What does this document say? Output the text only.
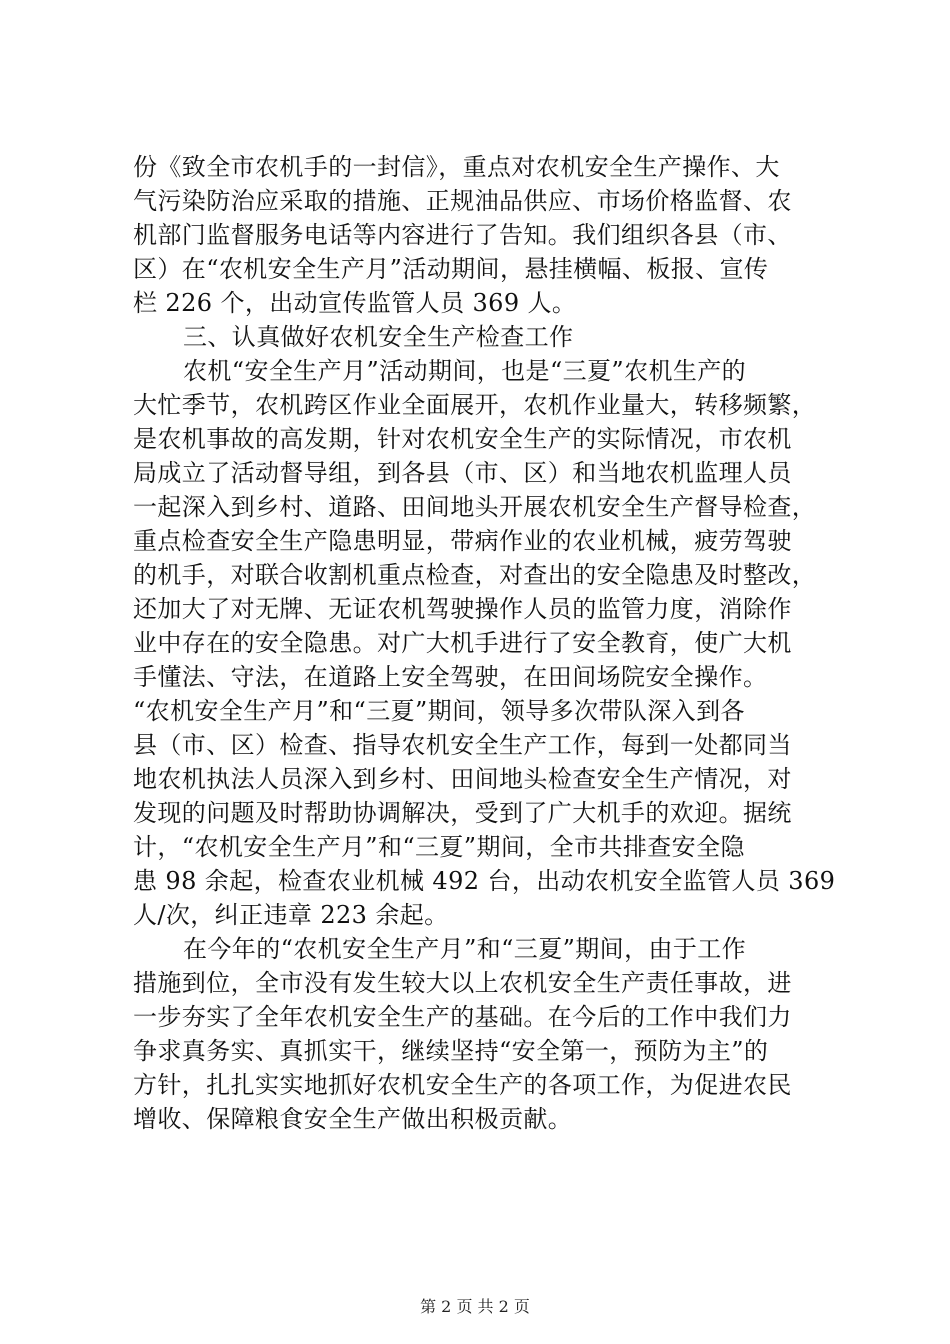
份《致全市农机手的一封信》，重点对农机安全生产操作、大
气污染防治应采取的措施、正规油品供应、市场价格监督、农
机部门监督服务电话等内容进行了告知。我们组织各县（市、
区）在“农机安全生产月”活动期间，悬挂横幅、板报、宣传
栏 226 个，出动宣传监管人员 369 人。
三、认真做好农机安全生产检查工作
农机“安全生产月”活动期间，也是“三夏”农机生产的
大忙季节，农机跨区作业全面展开，农机作业量大，转移频繁，
是农机事故的高发期，针对农机安全生产的实际情况，市农机
局成立了活动督导组，到各县（市、区）和当地农机监理人员
一起深入到乡村、道路、田间地头开展农机安全生产督导检查，
重点检查安全生产隐患明显，带病作业的农业机械，疲劳驾驶
的机手，对联合收割机重点检查，对查出的安全隐患及时整改，
还加大了对无牌、无证农机驾驶操作人员的监管力度，消除作
业中存在的安全隐患。对广大机手进行了安全教育，使广大机
手懂法、守法，在道路上安全驾驶，在田间场院安全操作。
“农机安全生产月”和“三夏”期间，领导多次带队深入到各
县（市、区）检查、指导农机安全生产工作，每到一处都同当
地农机执法人员深入到乡村、田间地头检查安全生产情况，对
发现的问题及时帮助协调解决，受到了广大机手的欢迎。据统
计，“农机安全生产月”和“三夏”期间，全市共排查安全隐
患 98 余起，检查农业机械 492 台，出动农机安全监管人员 369
人/次，纠正违章 223 余起。
在今年的“农机安全生产月”和“三夏”期间，由于工作
措施到位，全市没有发生较大以上农机安全生产责任事故，进
一步夯实了全年农机安全生产的基础。在今后的工作中我们力
争求真务实、真抓实干，继续坚持“安全第一，预防为主”的
方针，扎扎实实地抓好农机安全生产的各项工作，为促进农民
增收、保障粮食安全生产做出积极贡献。
第 2 页 共 2 页
